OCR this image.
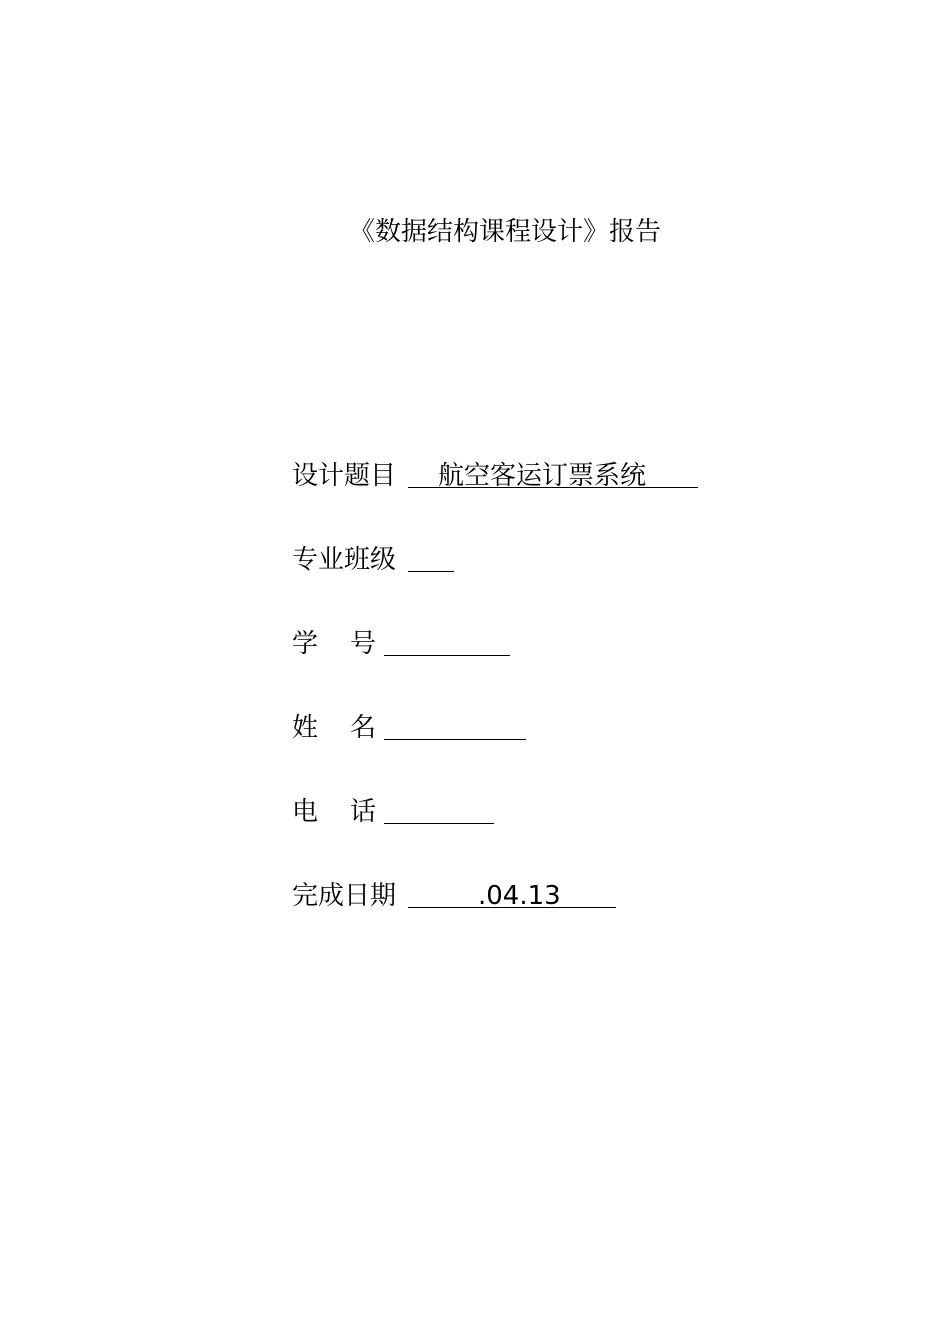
《数据结构课程设计》报告
设计题目 航空客运订票系统
专业班级
学 号
姓 名
电 话
完成日期	.04.13
